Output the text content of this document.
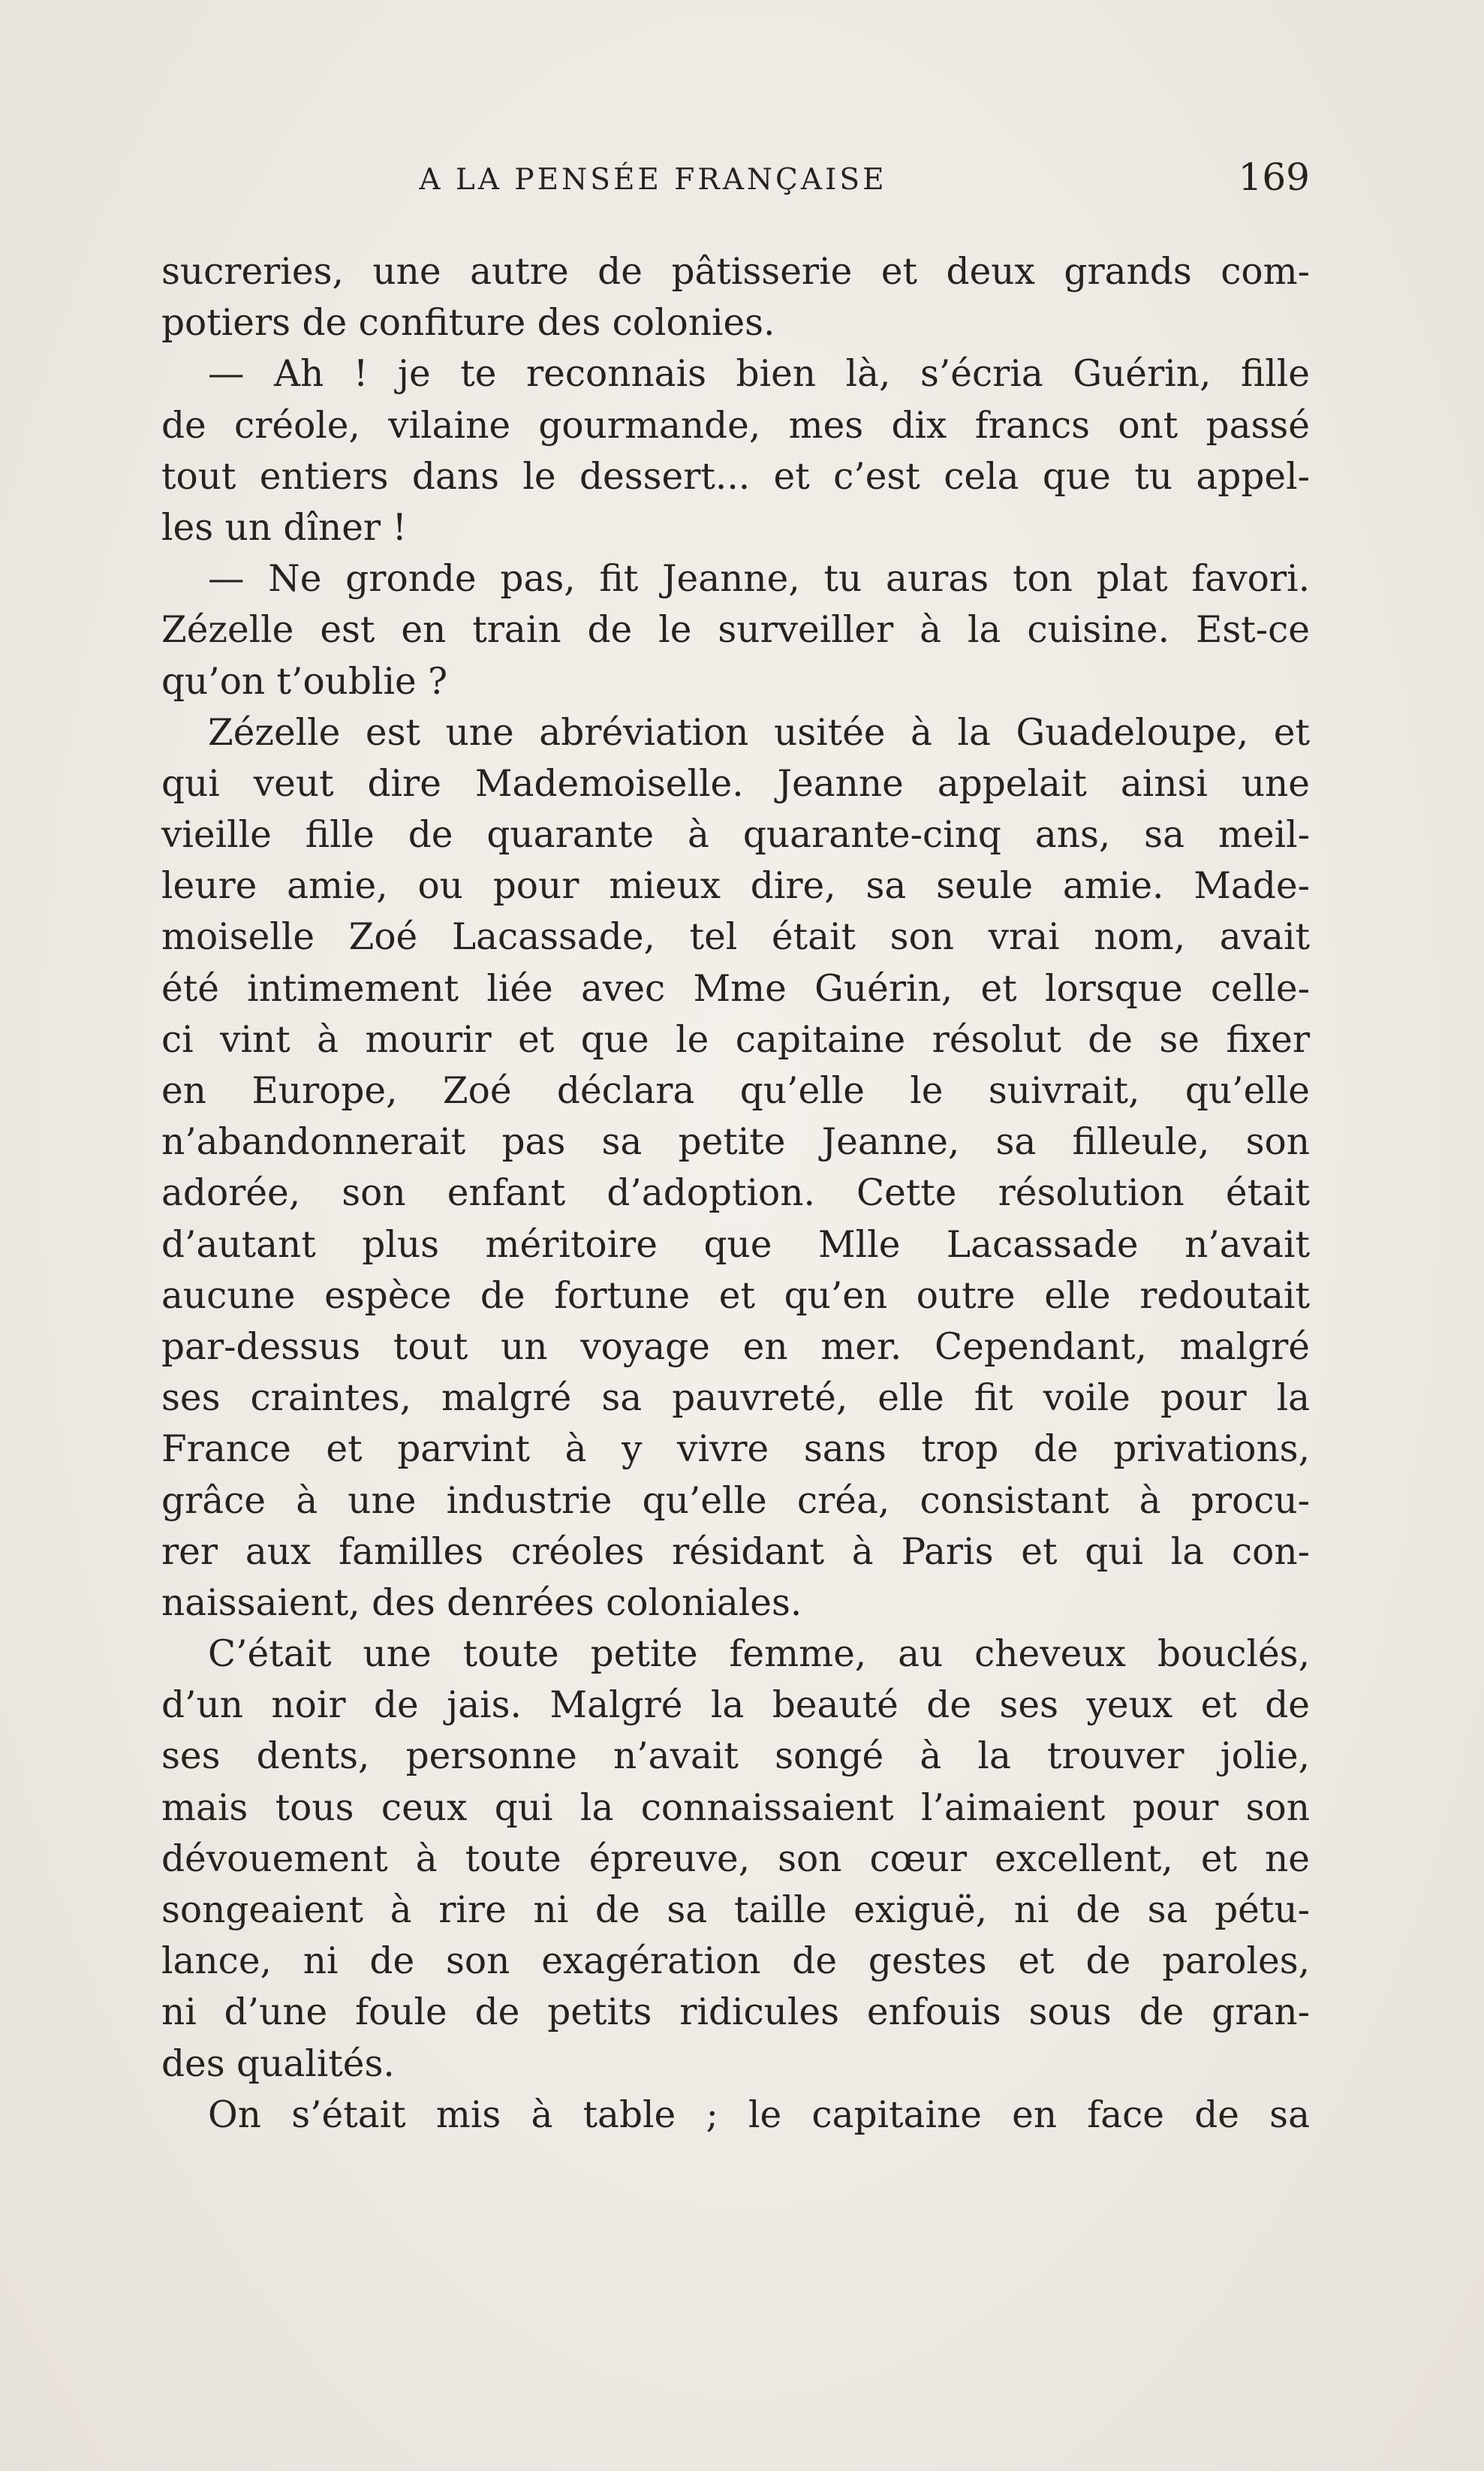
A LA PENSÉE FRANÇAISE	169
sucreries, une autre de pâtisserie et deux grands com-
potiers de confiture des colonies.
— Ah ! je te reconnais bien là, s’écria Guérin, fille
de créole, vilaine gourmande, mes dix francs ont passé
tout entiers dans le dessert... et c’est cela que tu appel-
les un dîner !
— Ne gronde pas, fit Jeanne, tu auras ton plat favori.
Zézelle est en train de le surveiller à la cuisine. Est-ce
qu’on t’oublie ?
Zézelle est une abréviation usitée à la Guadeloupe, et
qui veut dire Mademoiselle. Jeanne appelait ainsi une
vieille fille de quarante à quarante-cinq ans, sa meil-
leure amie, ou pour mieux dire, sa seule amie. Made-
moiselle Zoé Lacassade, tel était son vrai nom, avait
été intimement liée avec Mme Guérin, et lorsque celle-
ci vint à mourir et que le capitaine résolut de se fixer
en Europe, Zoé déclara qu’elle le suivrait, qu’elle
n’abandonnerait pas sa petite Jeanne, sa filleule, son
adorée, son enfant d’adoption. Cette résolution était
d’autant plus méritoire que Mlle Lacassade n’avait
aucune espèce de fortune et qu’en outre elle redoutait
par-dessus tout un voyage en mer. Cependant, malgré
ses craintes, malgré sa pauvreté, elle fit voile pour la
France et parvint à y vivre sans trop de privations,
grâce à une industrie qu’elle créa, consistant à procu-
rer aux familles créoles résidant à Paris et qui la con-
naissaient, des denrées coloniales.
C’était une toute petite femme, au cheveux bouclés,
d’un noir de jais. Malgré la beauté de ses yeux et de
ses dents, personne n’avait songé à la trouver jolie,
mais tous ceux qui la connaissaient l’aimaient pour son
dévouement à toute épreuve, son cœur excellent, et ne
songeaient à rire ni de sa taille exiguë, ni de sa pétu-
lance, ni de son exagération de gestes et de paroles,
ni d’une foule de petits ridicules enfouis sous de gran-
des qualités.
On s’était mis à table ; le capitaine en face de sa
